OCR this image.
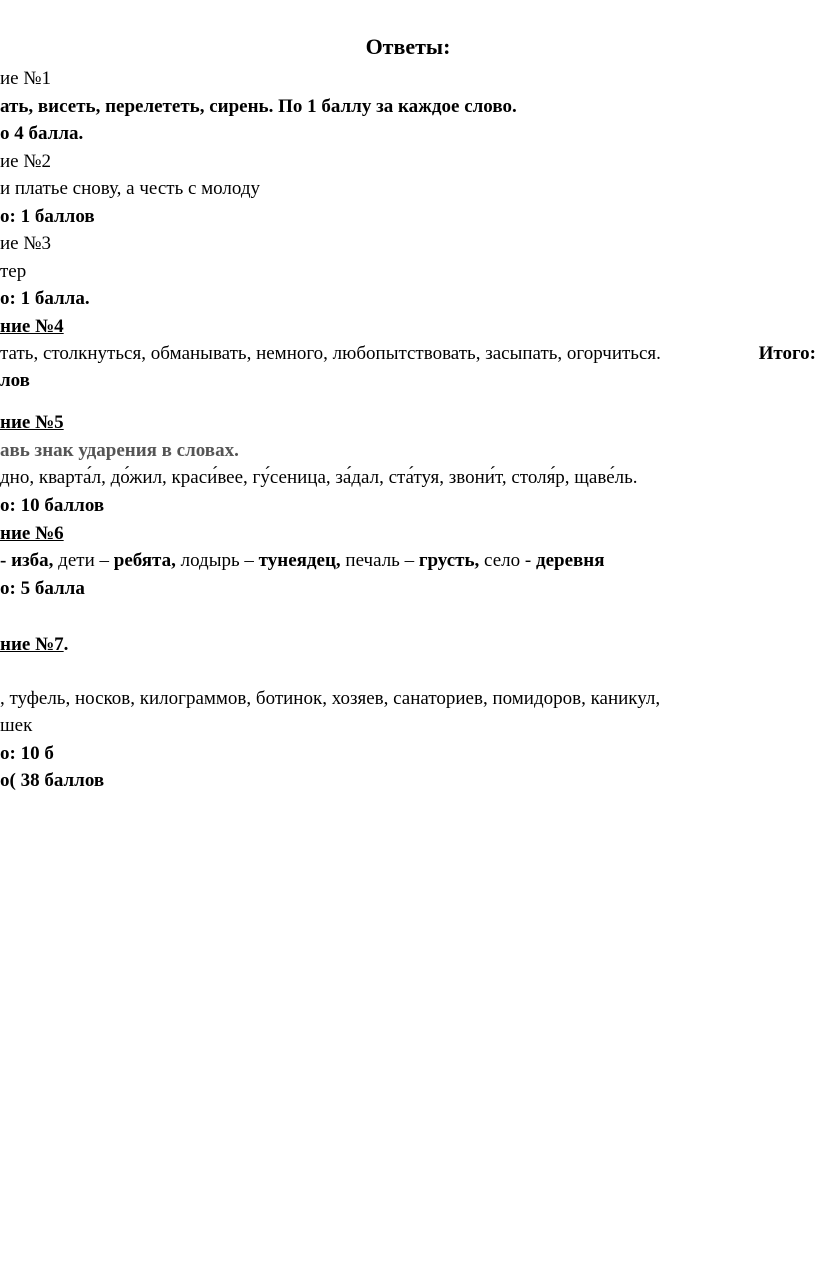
Ответы:
ие №1
ать, висеть, перелететь, сирень. По 1 баллу за каждое слово.
о 4 балла.
ие №2
и платье снову, а честь с молоду
о: 1 баллов
ие №3
тер
о: 1 балла.
ние №4
тать, столкнуться, обманывать, немного, любопытствовать, засыпать, огорчиться.	Итого:
лов
ние №5
авь знак ударения в словах.
дно, кварта́л, до́жил, краси́вее, гу́сеница, за́дал, ста́туя, звони́т, столя́р, щаве́ль.
о: 10 баллов
ние №6
- изба, дети – ребята, лодырь – тунеядец, печаль – грусть, село - деревня
о: 5 балла
ние №7.
, туфель, носков, килограммов, ботинок, хозяев, санаториев, помидоров, каникул,
шек
о: 10 б
о( 38 баллов
